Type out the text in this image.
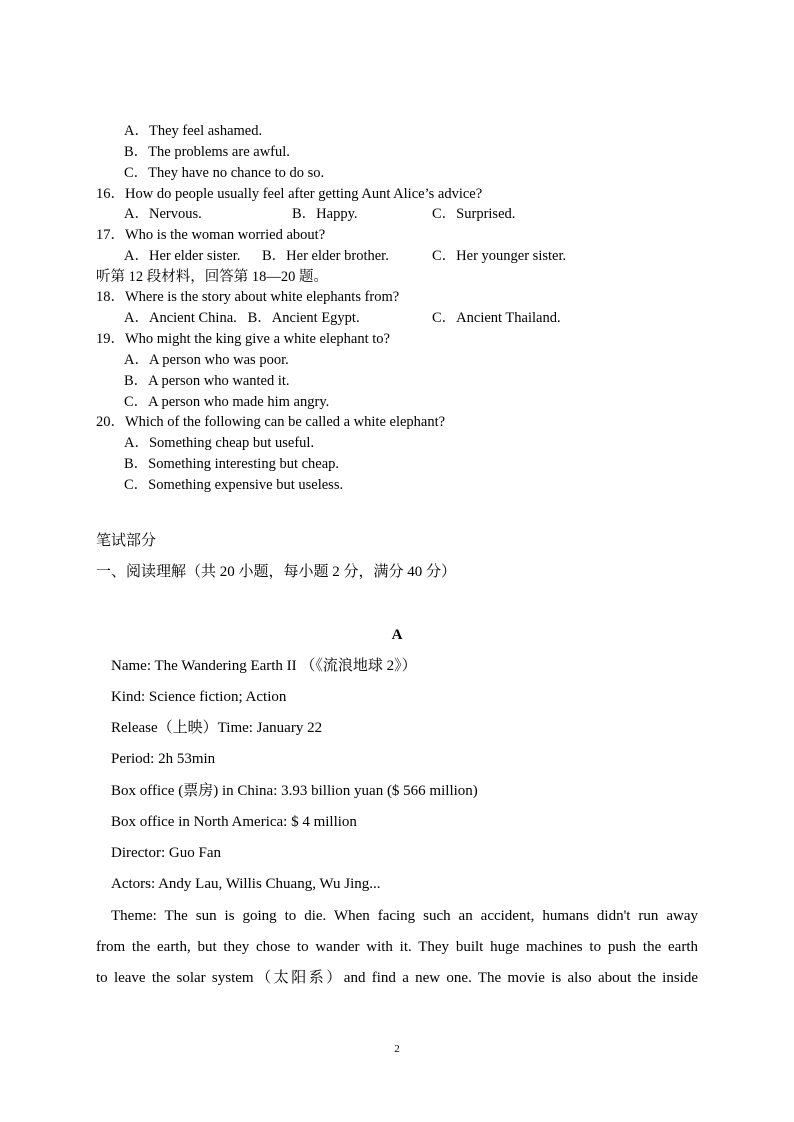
A．They feel ashamed.
B．The problems are awful.
C．They have no chance to do so.
16．How do people usually feel after getting Aunt Alice’s advice?
A．Nervous.	B．Happy.	C．Surprised.
17．Who is the woman worried about?
A．Her elder sister. B．Her elder brother.	C．Her younger sister.
听第 12 段材料，回答第 18—20 题。
18．Where is the story about white elephants from?
A．Ancient China.   B．Ancient Egypt.	C．Ancient Thailand.
19．Who might the king give a white elephant to?
A．A person who was poor.
B．A person who wanted it.
C．A person who made him angry.
20．Which of the following can be called a white elephant?
A．Something cheap but useful.
B．Something interesting but cheap.
C．Something expensive but useless.
笔试部分
一、阅读理解（共 20 小题，每小题 2 分，满分 40 分）
A
Name: The Wandering Earth II （《流浪地球 2》）
Kind: Science fiction; Action
Release（上映）Time: January 22
Period: 2h 53min
Box office (票房) in China: 3.93 billion yuan ($ 566 million)
Box office in North America: $ 4 million
Director: Guo Fan
Actors: Andy Lau, Willis Chuang, Wu Jing...
Theme: The sun is going to die. When facing such an accident, humans didn't run away
from the earth, but they chose to wander with it. They built huge machines to push the earth
to leave the solar system（太阳系）and find a new one. The movie is also about the inside
2
